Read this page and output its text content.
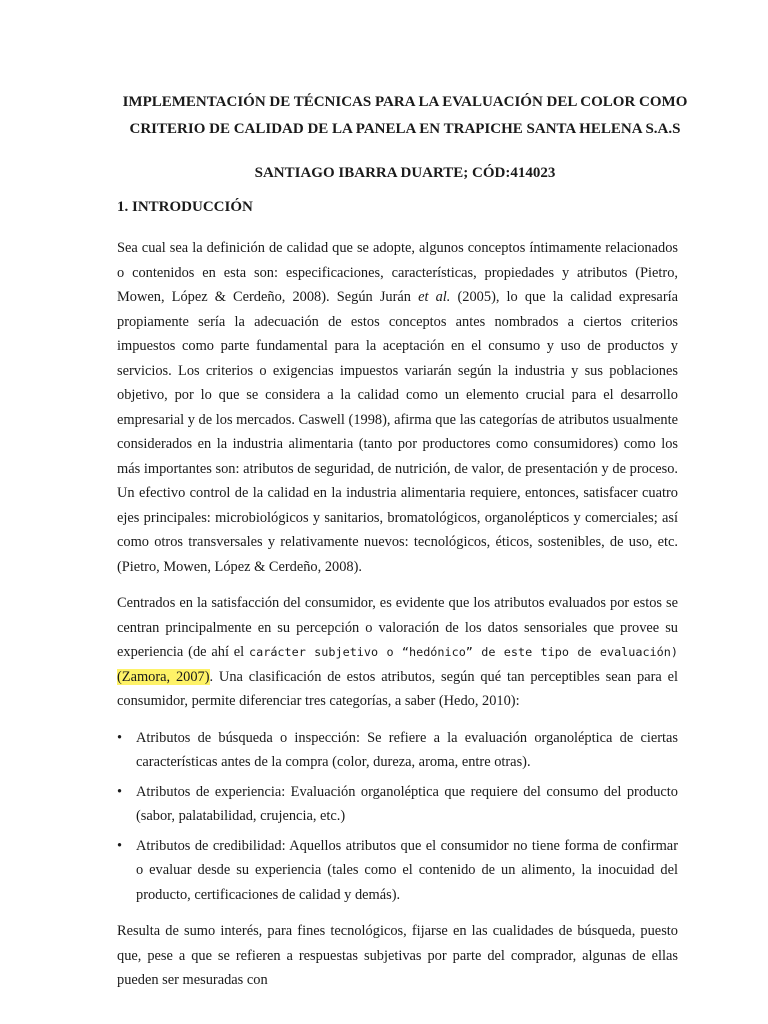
IMPLEMENTACIÓN DE TÉCNICAS PARA LA EVALUACIÓN DEL COLOR COMO
CRITERIO DE CALIDAD DE LA PANELA EN TRAPICHE SANTA HELENA S.A.S
SANTIAGO IBARRA DUARTE; CÓD:414023
1. INTRODUCCIÓN

Sea cual sea la definición de calidad que se adopte, algunos conceptos íntimamente relacionados o contenidos en esta son: especificaciones, características, propiedades y atributos (Pietro, Mowen, López & Cerdeño, 2008). Según Jurán et al. (2005), lo que la calidad expresaría propiamente sería la adecuación de estos conceptos antes nombrados a ciertos criterios impuestos como parte fundamental para la aceptación en el consumo y uso de productos y servicios. Los criterios o exigencias impuestos variarán según la industria y sus poblaciones objetivo, por lo que se considera a la calidad como un elemento crucial para el desarrollo empresarial y de los mercados. Caswell (1998), afirma que las categorías de atributos usualmente considerados en la industria alimentaria (tanto por productores como consumidores) como los más importantes son: atributos de seguridad, de nutrición, de valor, de presentación y de proceso. Un efectivo control de la calidad en la industria alimentaria requiere, entonces, satisfacer cuatro ejes principales: microbiológicos y sanitarios, bromatológicos, organolépticos y comerciales; así como otros transversales y relativamente nuevos: tecnológicos, éticos, sostenibles, de uso, etc. (Pietro, Mowen, López & Cerdeño, 2008).

Centrados en la satisfacción del consumidor, es evidente que los atributos evaluados por estos se centran principalmente en su percepción o valoración de los datos sensoriales que provee su experiencia (de ahí el carácter subjetivo o “hedónico” de este tipo de evaluación) (Zamora, 2007). Una clasificación de estos atributos, según qué tan perceptibles sean para el consumidor, permite diferenciar tres categorías, a saber (Hedo, 2010):

• Atributos de búsqueda o inspección: Se refiere a la evaluación organoléptica de ciertas características antes de la compra (color, dureza, aroma, entre otras).
• Atributos de experiencia: Evaluación organoléptica que requiere del consumo del producto (sabor, palatabilidad, crujencia, etc.)
• Atributos de credibilidad: Aquellos atributos que el consumidor no tiene forma de confirmar o evaluar desde su experiencia (tales como el contenido de un alimento, la inocuidad del producto, certificaciones de calidad y demás).

Resulta de sumo interés, para fines tecnológicos, fijarse en las cualidades de búsqueda, puesto que, pese a que se refieren a respuestas subjetivas por parte del comprador, algunas de ellas pueden ser mesuradas con
